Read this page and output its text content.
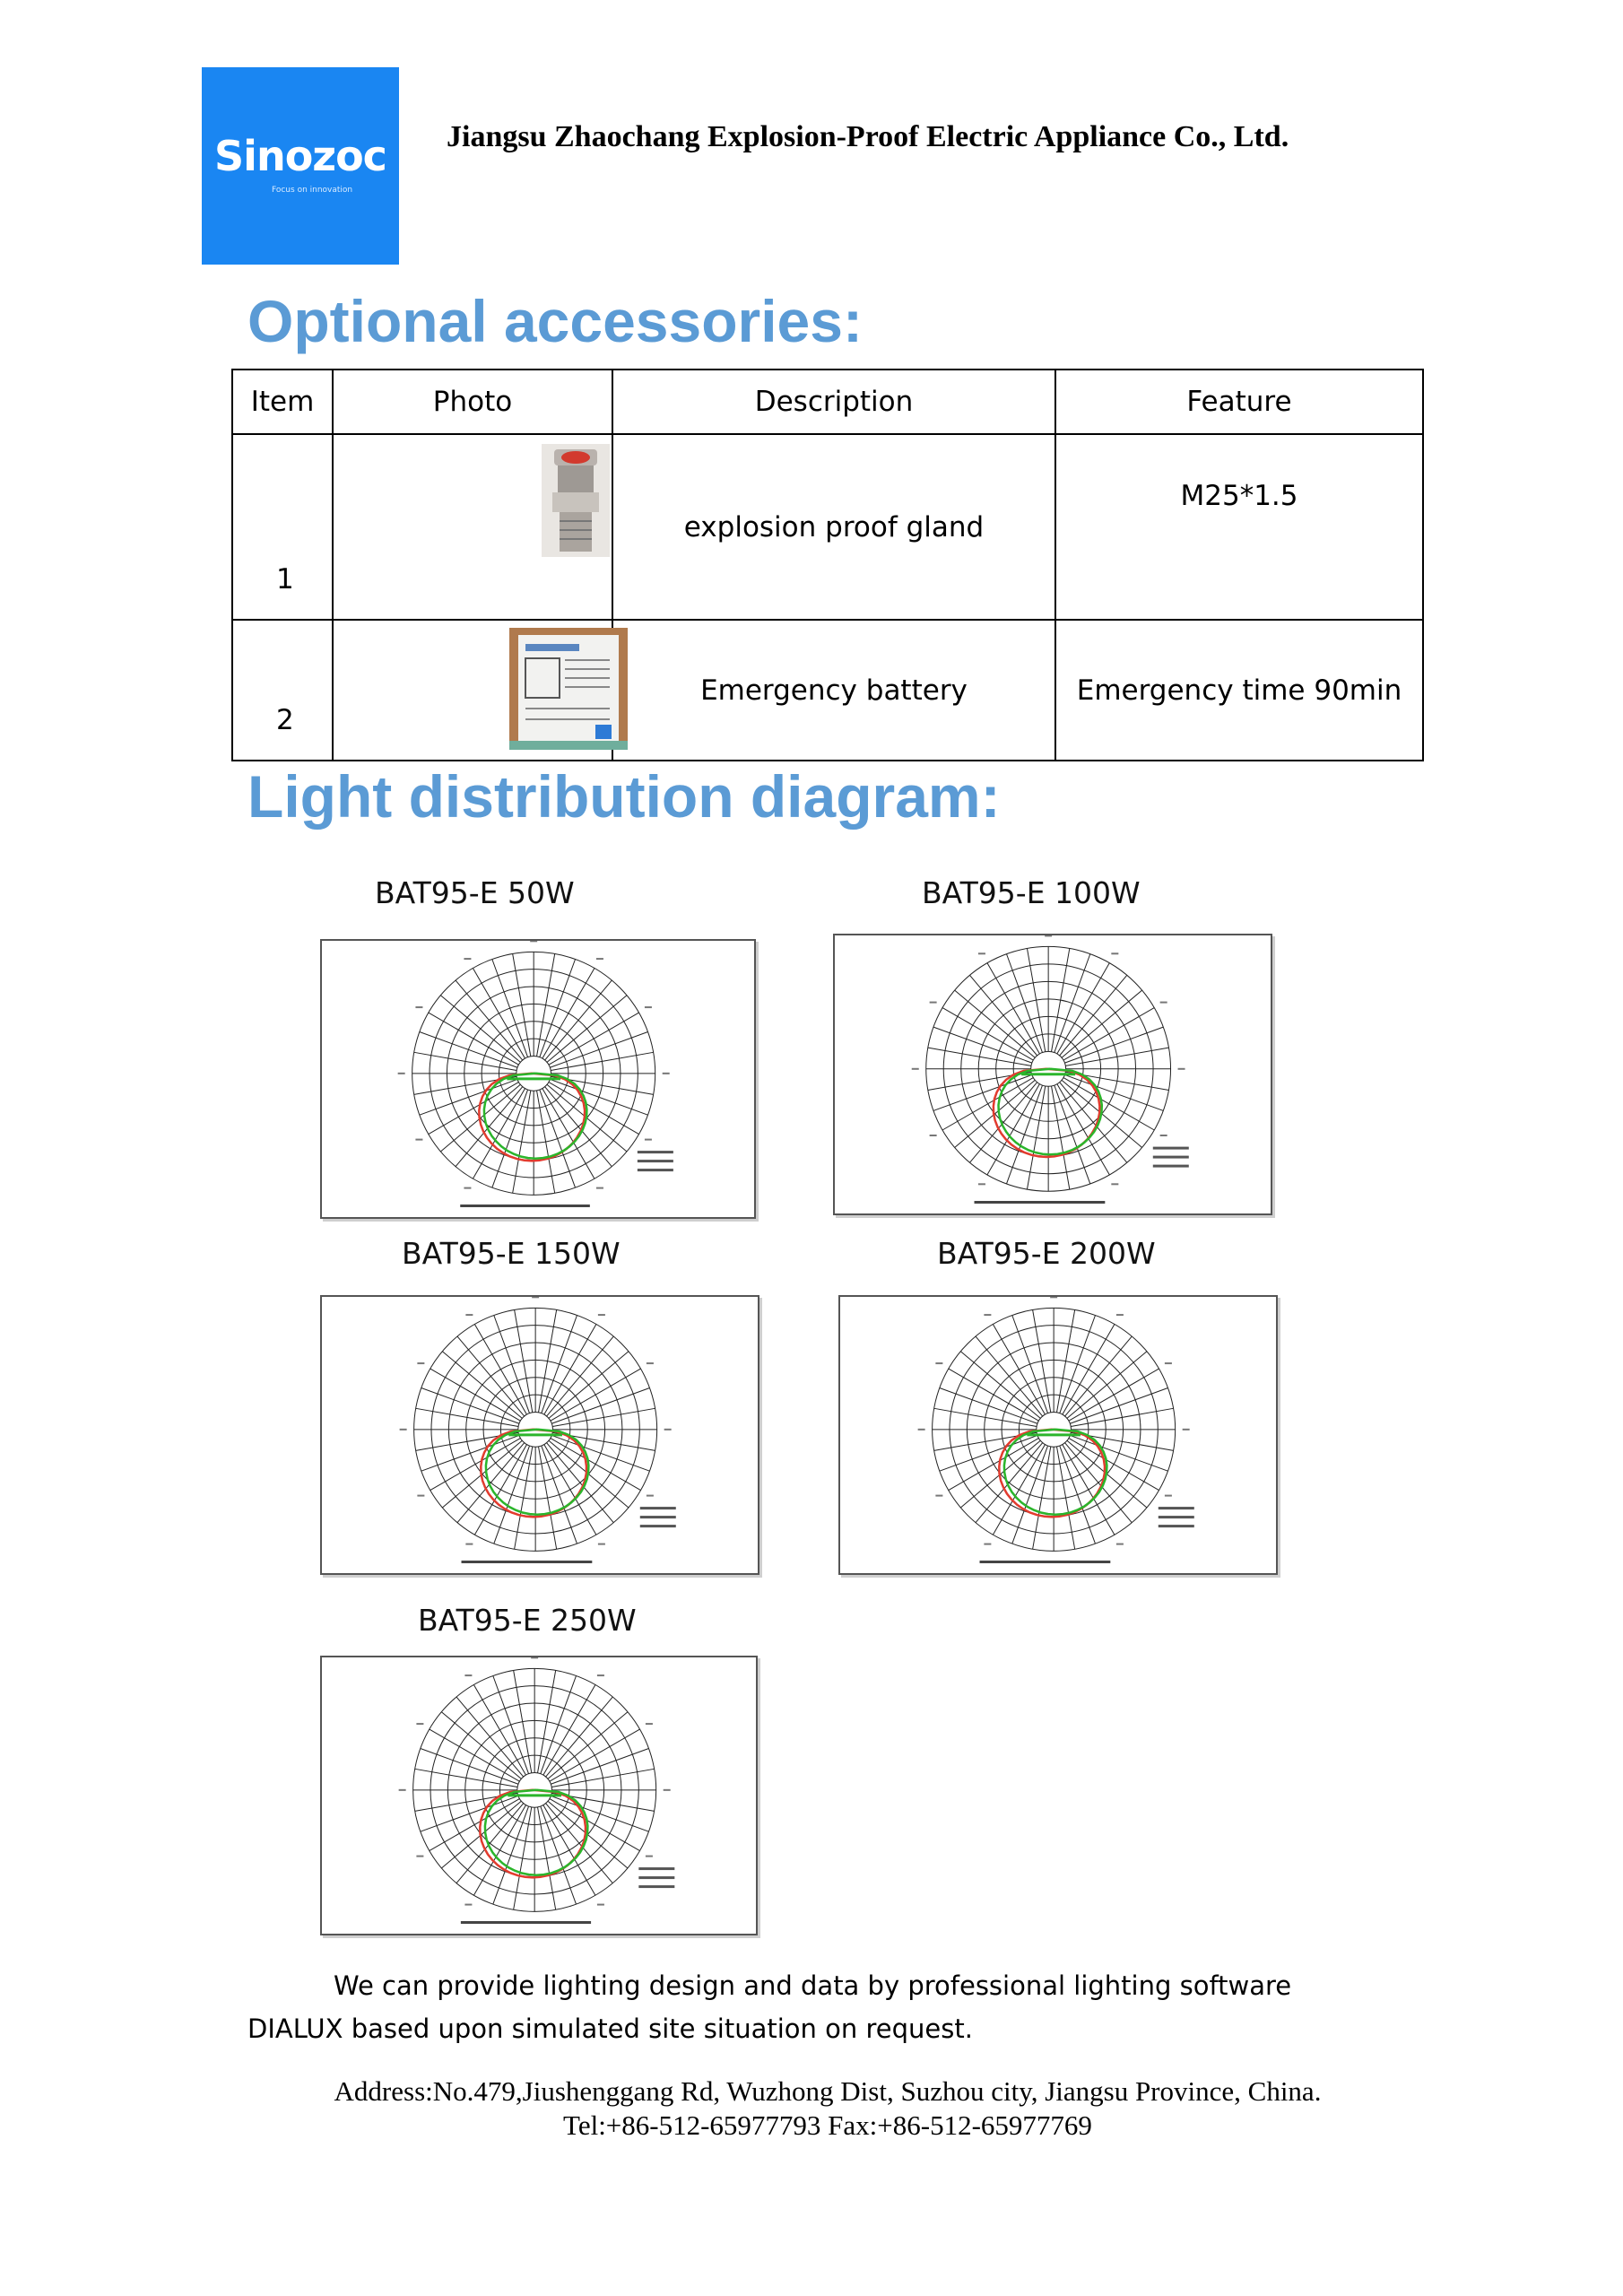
Sinozoc
Focus on innovation
Jiangsu Zhaochang Explosion-Proof Electric Appliance Co., Ltd.
Optional accessories:
Item	Photo	Description	Feature

1		explosion proof gland	M25*1.5

2		Emergency battery	Emergency time 90min
Light distribution diagram:
BAT95-E 50W	BAT95-E 100W
BAT95-E 150W	BAT95-E 200W
BAT95-E 250W
We can provide lighting design and data by professional lighting software DIALUX based upon simulated site situation on request.
Address:No.479,Jiushenggang Rd, Wuzhong Dist, Suzhou city, Jiangsu Province, China.
Tel:+86-512-65977793 Fax:+86-512-65977769
